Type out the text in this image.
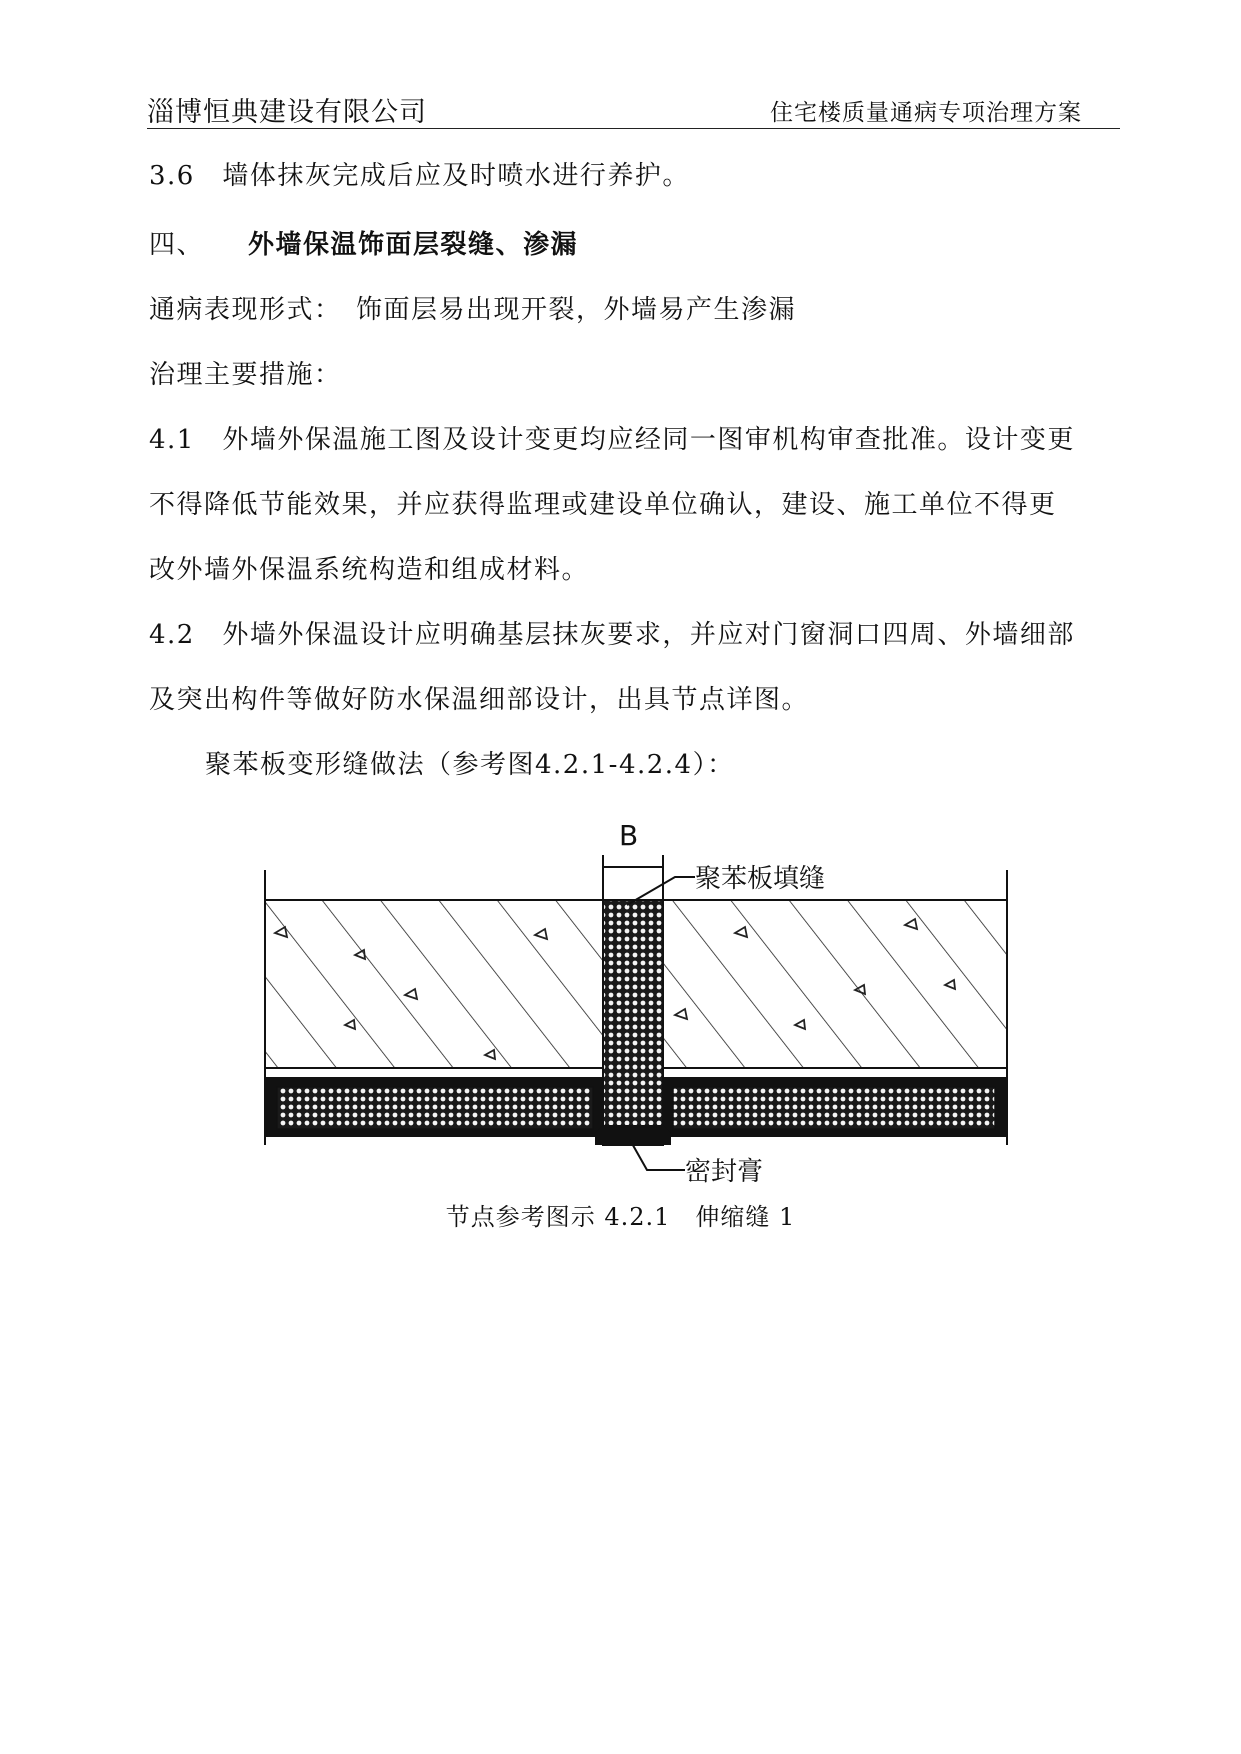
淄博恒典建设有限公司	住宅楼质量通病专项治理方案
3.6　墙体抹灰完成后应及时喷水进行养护。
四、 外墙保温饰面层裂缝、渗漏
通病表现形式：　饰面层易出现开裂，外墙易产生渗漏
治理主要措施：
4.1　外墙外保温施工图及设计变更均应经同一图审机构审查批准。设计变更
不得降低节能效果，并应获得监理或建设单位确认，建设、施工单位不得更
改外墙外保温系统构造和组成材料。
4.2　外墙外保温设计应明确基层抹灰要求，并应对门窗洞口四周、外墙细部
及突出构件等做好防水保温细部设计，出具节点详图。
聚苯板变形缝做法（参考图4.2.1-4.2.4）：
B
聚苯板填缝
密封膏
节点参考图示 4.2.1　伸缩缝 1
